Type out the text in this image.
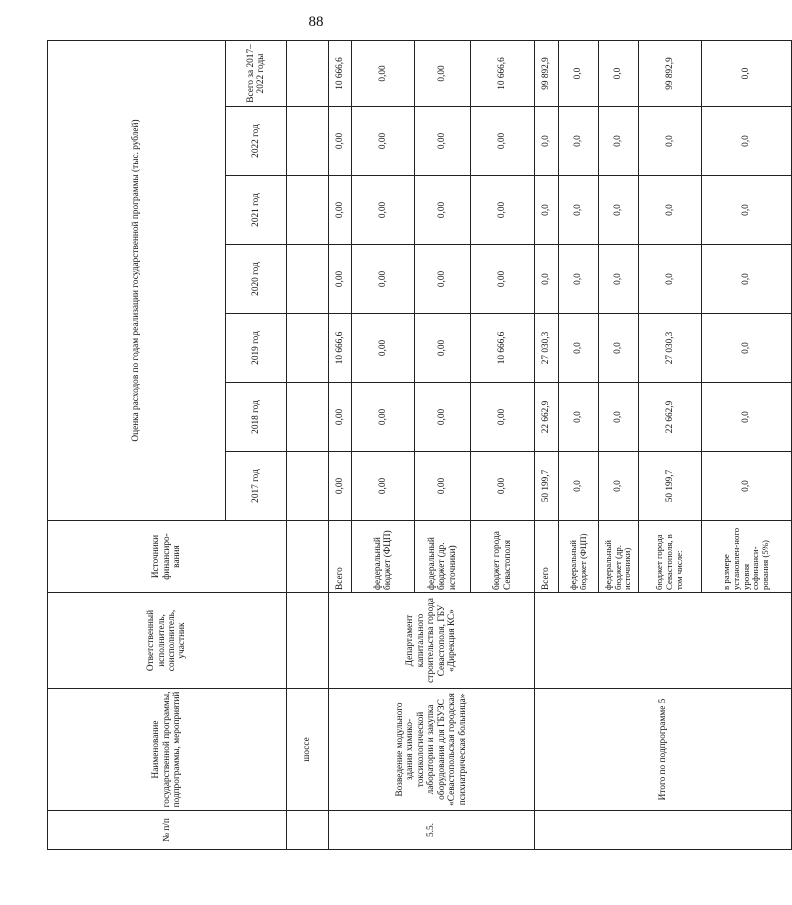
88
№ п/п	Наименование государственной программы, подпрограммы, мероприятий	Ответственный исполнитель, соисполнитель, участник	Источники финансиро-вания	Оценка расходов по годам реализации государственной программы (тыс. рублей)						
				2017 год	2018 год	2019 год	2020 год	2021 год	2022 год	Всего за 2017–2022 годы
	шоссе									
5.5.	Возведение модульного здания химико-токсикологической лаборатории и закупка оборудования для ГБУЗС «Севастопольская городская психиатрическая больница»	Департамент капитального строительства города Севастополя, ГБУ «Дирекция КС»	Всего	0,00	0,00	10 666,6	0,00	0,00	0,00	10 666,6
			федеральный бюджет (ФЦП)	0,00	0,00	0,00	0,00	0,00	0,00	0,00
			федеральный бюджет (др. источники)	0,00	0,00	0,00	0,00	0,00	0,00	0,00
			бюджет города Севастополя	0,00	0,00	10 666,6	0,00	0,00	0,00	10 666,6
	Итого по подпрограмме 5		Всего	50 199,7	22 662,9	27 030,3	0,0	0,0	0,0	99 892,9
			федеральный бюджет (ФЦП)	0,0	0,0	0,0	0,0	0,0	0,0	0,0
			федеральный бюджет (др. источники)	0,0	0,0	0,0	0,0	0,0	0,0	0,0
			бюджет города Севастополя, в том числе:	50 199,7	22 662,9	27 030,3	0,0	0,0	0,0	99 892,9
			в размере установлен-ного уровня софинанси-рования (5%)	0,0	0,0	0,0	0,0	0,0	0,0	0,0
